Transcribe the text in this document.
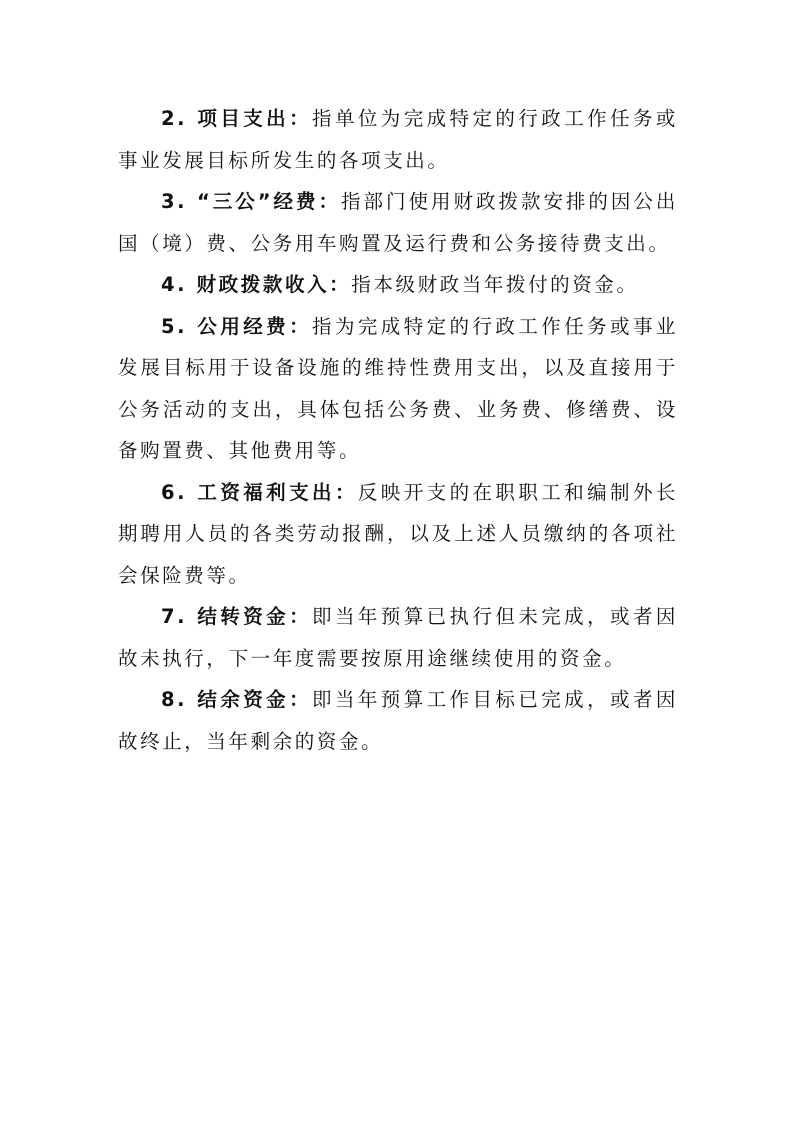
2. 项目支出：指单位为完成特定的行政工作任务或事业发展目标所发生的各项支出。

3. “三公”经费：指部门使用财政拨款安排的因公出国（境）费、公务用车购置及运行费和公务接待费支出。

4. 财政拨款收入：指本级财政当年拨付的资金。

5. 公用经费：指为完成特定的行政工作任务或事业发展目标用于设备设施的维持性费用支出，以及直接用于公务活动的支出，具体包括公务费、业务费、修缮费、设备购置费、其他费用等。

6. 工资福利支出：反映开支的在职职工和编制外长期聘用人员的各类劳动报酬，以及上述人员缴纳的各项社会保险费等。

7. 结转资金：即当年预算已执行但未完成，或者因故未执行，下一年度需要按原用途继续使用的资金。

8. 结余资金：即当年预算工作目标已完成，或者因故终止，当年剩余的资金。
